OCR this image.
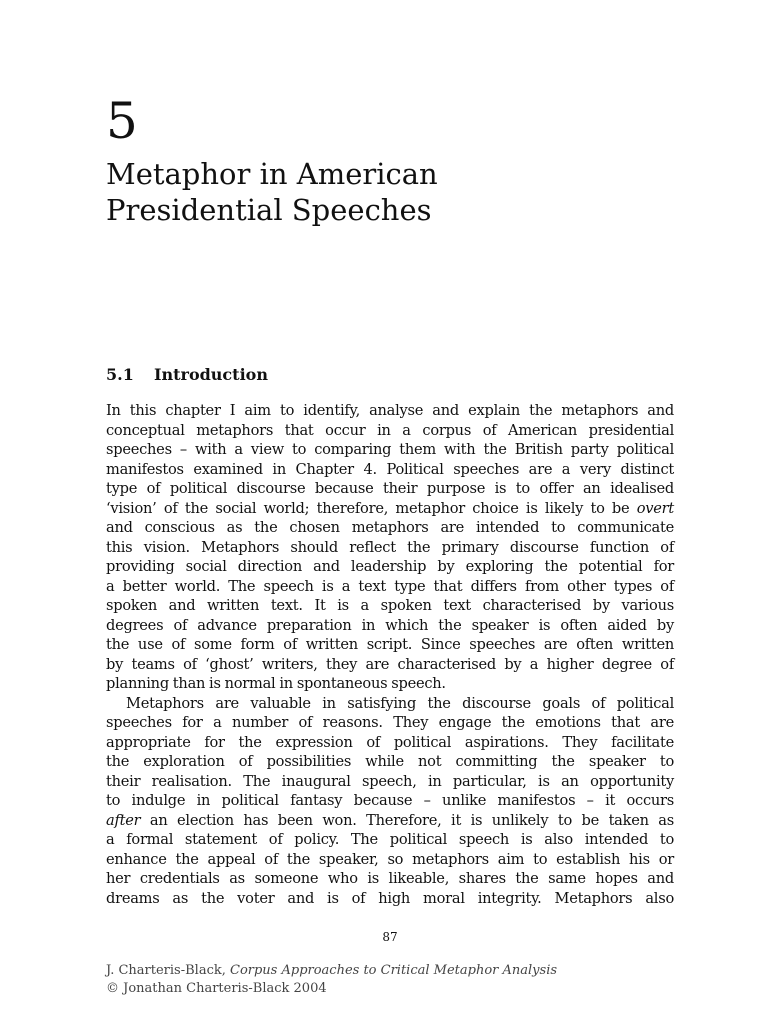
5
Metaphor in American
Presidential Speeches
5.1 Introduction
In this chapter I aim to identify, analyse and explain the metaphors and
conceptual metaphors that occur in a corpus of American presidential
speeches – with a view to comparing them with the British party political
manifestos examined in Chapter 4. Political speeches are a very distinct
type of political discourse because their purpose is to offer an idealised
‘vision’ of the social world; therefore, metaphor choice is likely to be overt
and conscious as the chosen metaphors are intended to communicate
this vision. Metaphors should reflect the primary discourse function of
providing social direction and leadership by exploring the potential for
a better world. The speech is a text type that differs from other types of
spoken and written text. It is a spoken text characterised by various
degrees of advance preparation in which the speaker is often aided by
the use of some form of written script. Since speeches are often written
by teams of ‘ghost’ writers, they are characterised by a higher degree of
planning than is normal in spontaneous speech.
Metaphors are valuable in satisfying the discourse goals of political
speeches for a number of reasons. They engage the emotions that are
appropriate for the expression of political aspirations. They facilitate
the exploration of possibilities while not committing the speaker to
their realisation. The inaugural speech, in particular, is an opportunity
to indulge in political fantasy because – unlike manifestos – it occurs
after an election has been won. Therefore, it is unlikely to be taken as
a formal statement of policy. The political speech is also intended to
enhance the appeal of the speaker, so metaphors aim to establish his or
her credentials as someone who is likeable, shares the same hopes and
dreams as the voter and is of high moral integrity. Metaphors also
87
J. Charteris-Black, Corpus Approaches to Critical Metaphor Analysis
© Jonathan Charteris-Black 2004
